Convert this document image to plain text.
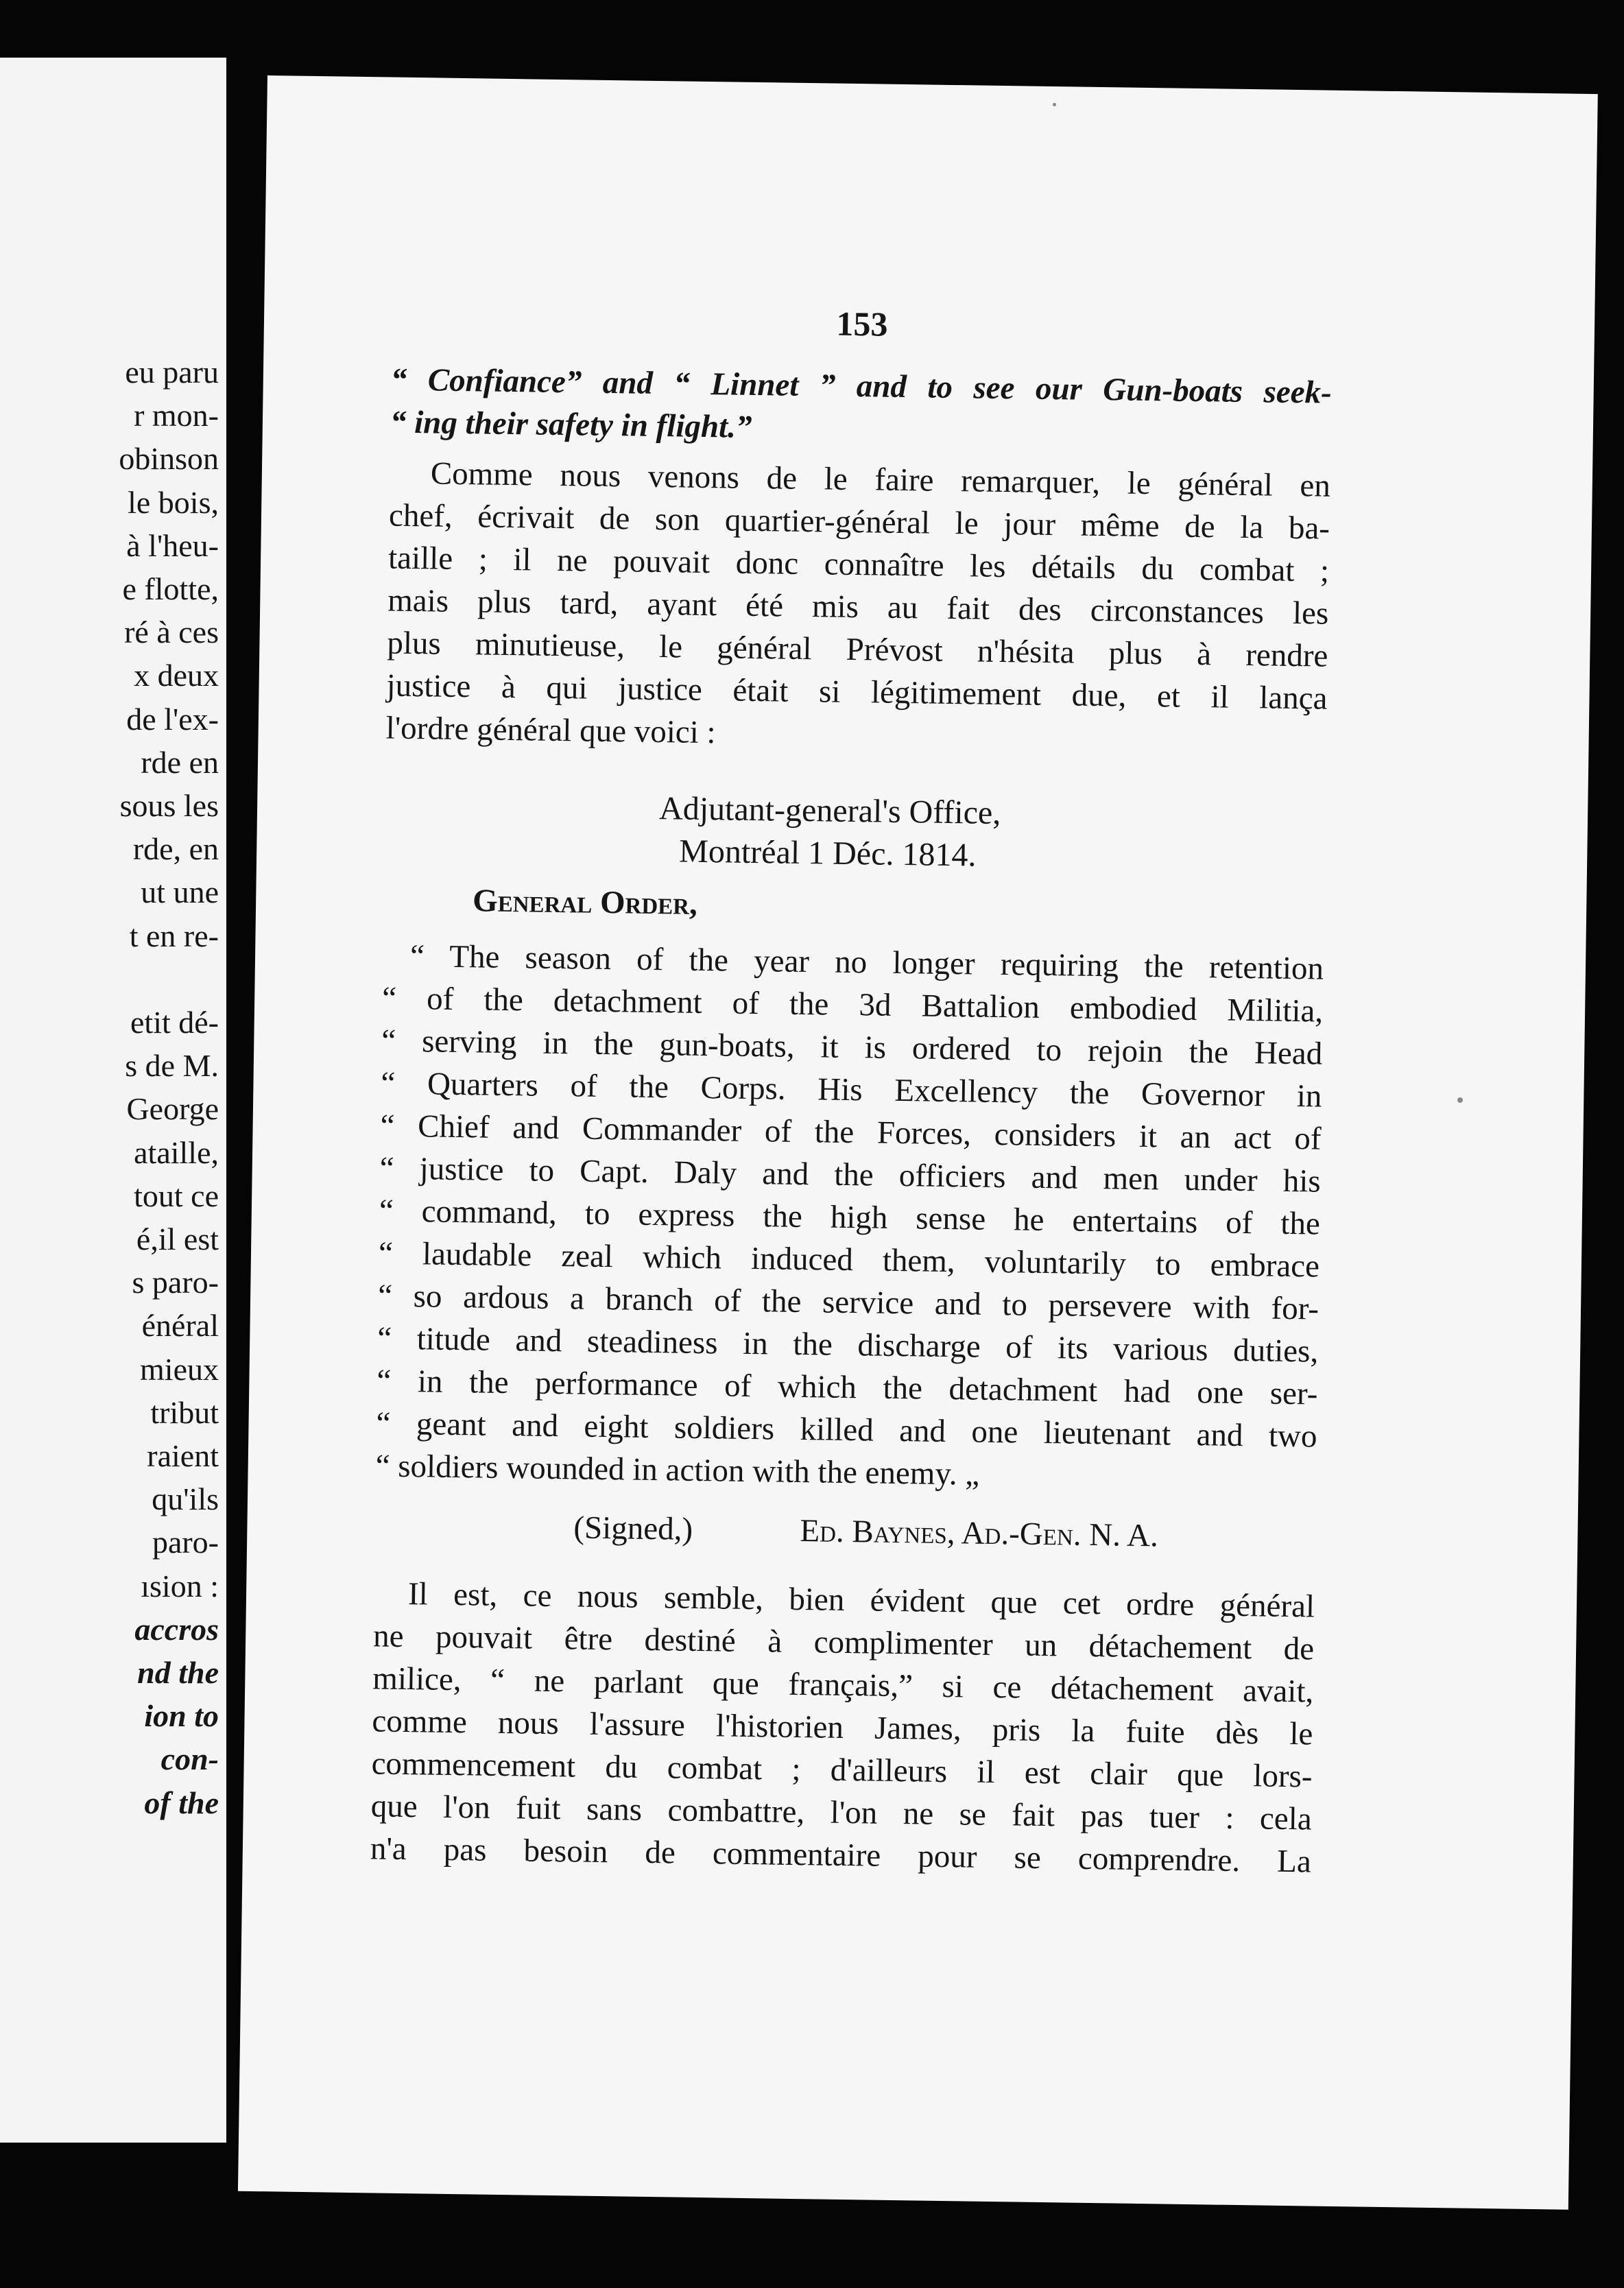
eu paru
r mon-
obinson
le bois,
à l'heu-
e flotte,
ré à ces
x deux
de l'ex-
rde en
sous les
rde, en
ut une
t en re-
etit dé-
s de M.
George
ataille,
tout ce
é,il est
s paro-
énéral
mieux
tribut
raient
qu'ils
paro-
ısion :
accros
nd the
ion to
con-
of the
153
Adjutant-general's Office,
Montréal 1 Déc. 1814.
General Order,
(Signed,)	Ed. Baynes, Ad.-Gen. N. A.
“ Confiance” and “ Linnet ” and to see our Gun-boats seek-
“ ing their safety in flight.”
Comme nous venons de le faire remarquer, le général en
chef, écrivait de son quartier-général le jour même de la ba-
taille ; il ne pouvait donc connaître les détails du combat ;
mais plus tard, ayant été mis au fait des circonstances les
plus minutieuse, le général Prévost n'hésita plus à rendre
justice à qui justice était si légitimement due, et il lança
l'ordre général que voici :
“ The season of the year no longer requiring the retention
“ of the detachment of the 3d Battalion embodied Militia,
“ serving in the gun-boats, it is ordered to rejoin the Head
“ Quarters of the Corps. His Excellency the Governor in
“ Chief and Commander of the Forces, considers it an act of
“ justice to Capt. Daly and the officiers and men under his
“ command, to express the high sense he entertains of the
“ laudable zeal which induced them, voluntarily to embrace
“ so ardous a branch of the service and to persevere with for-
“ titude and steadiness in the discharge of its various duties,
“ in the performance of which the detachment had one ser-
“ geant and eight soldiers killed and one lieutenant and two
“ soldiers wounded in action with the enemy. „
Il est, ce nous semble, bien évident que cet ordre général
ne pouvait être destiné à complimenter un détachement de
milice, “ ne parlant que français,” si ce détachement avait,
comme nous l'assure l'historien James, pris la fuite dès le
commencement du combat ; d'ailleurs il est clair que lors-
que l'on fuit sans combattre, l'on ne se fait pas tuer : cela
n'a pas besoin de commentaire pour se comprendre. La
